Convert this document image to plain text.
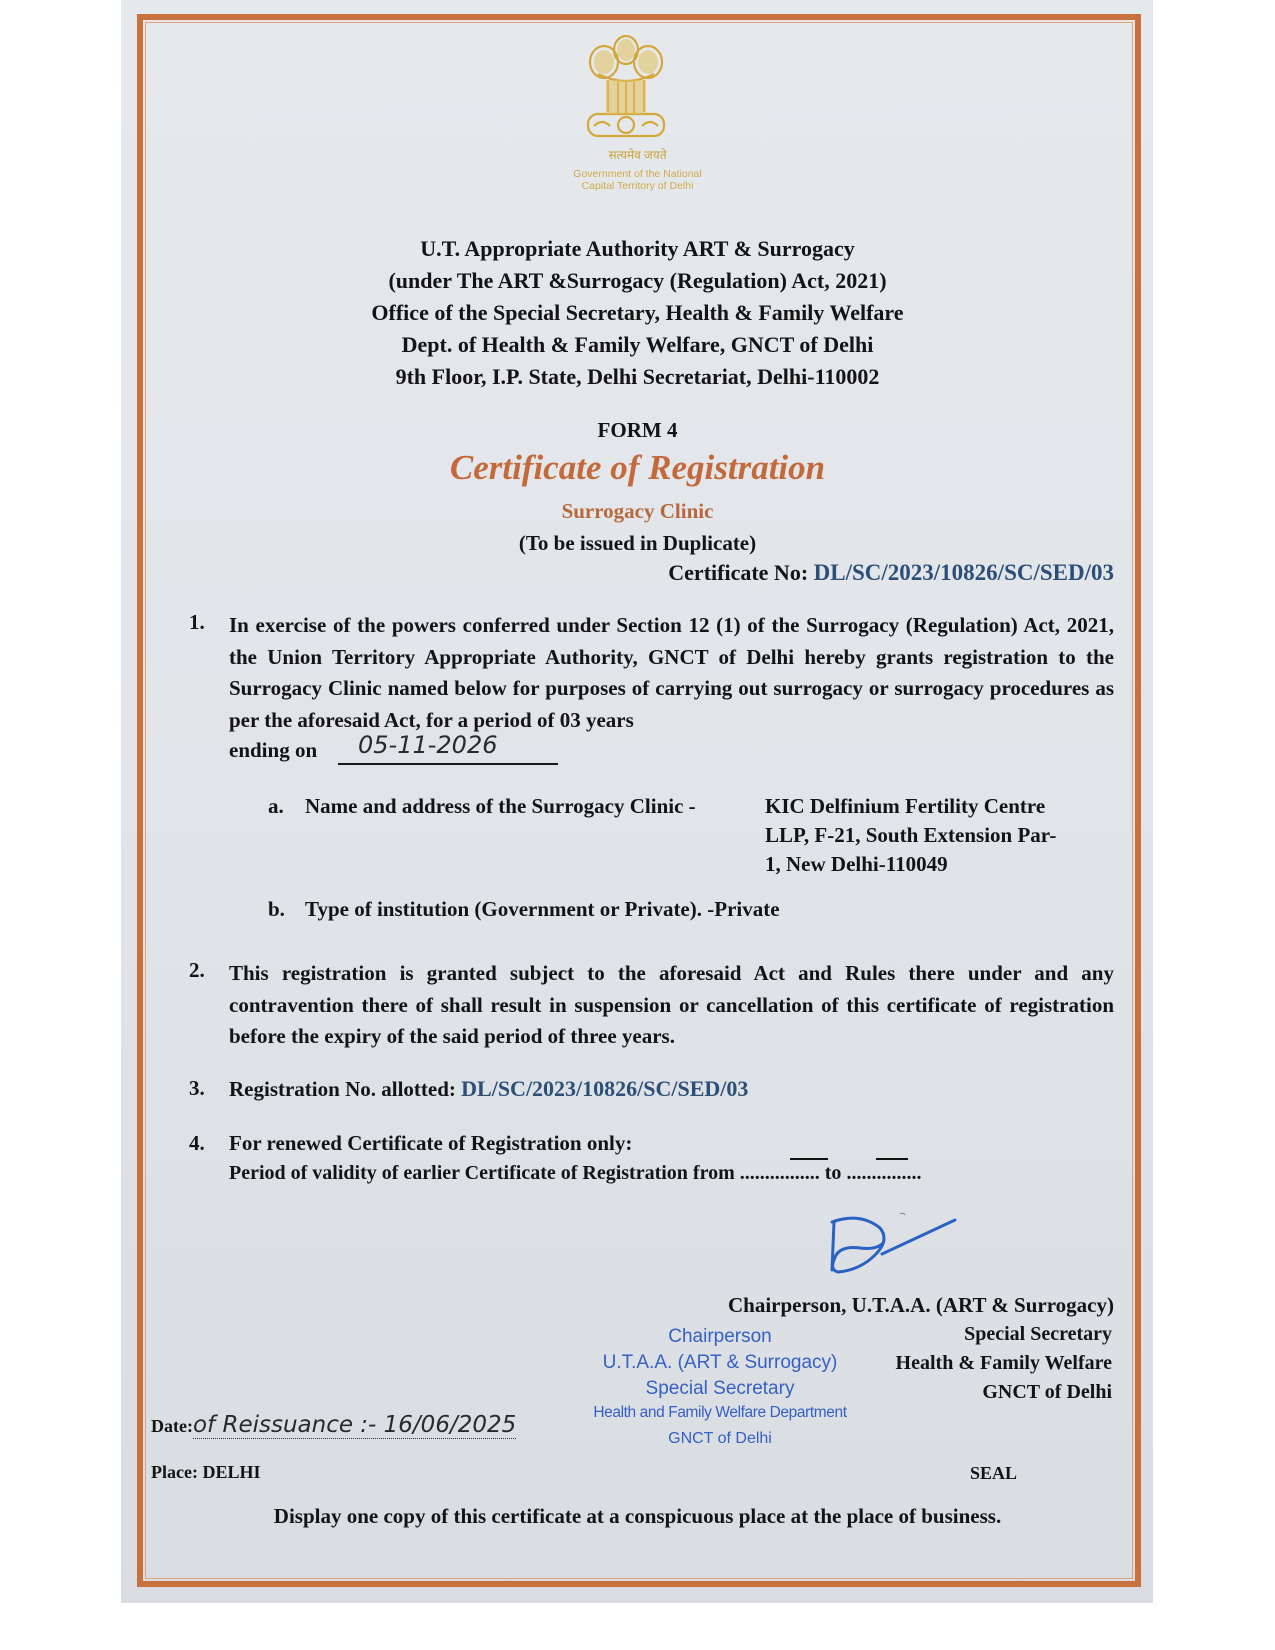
सत्यमेव जयते
Government of the National
Capital Territory of Delhi
U.T. Appropriate Authority ART & Surrogacy
(under The ART &Surrogacy (Regulation) Act, 2021)
Office of the Special Secretary, Health & Family Welfare
Dept. of Health & Family Welfare, GNCT of Delhi
9th Floor, I.P. State, Delhi Secretariat, Delhi-110002
FORM 4
Certificate of Registration
Surrogacy Clinic
(To be issued in Duplicate)
Certificate No: DL/SC/2023/10826/SC/SED/03
1. In exercise of the powers conferred under Section 12 (1) of the Surrogacy (Regulation) Act, 2021, the Union Territory Appropriate Authority, GNCT of Delhi hereby grants registration to the Surrogacy Clinic named below for purposes of carrying out surrogacy or surrogacy procedures as per the aforesaid Act, for a period of 03 years
ending on 05-11-2026
a. Name and address of the Surrogacy Clinic -	KIC Delfinium Fertility Centre
LLP, F-21, South Extension Par-
1, New Delhi-110049
b. Type of institution (Government or Private). -Private
2. This registration is granted subject to the aforesaid Act and Rules there under and any contravention there of shall result in suspension or cancellation of this certificate of registration before the expiry of the said period of three years.
3. Registration No. allotted: DL/SC/2023/10826/SC/SED/03
4. For renewed Certificate of Registration only:
Period of validity of earlier Certificate of Registration from ................ to ...............
Chairperson, U.T.A.A. (ART & Surrogacy)
Special Secretary
Health & Family Welfare
GNCT of Delhi
Chairperson
U.T.A.A. (ART & Surrogacy)
Special Secretary
Health and Family Welfare Department
GNCT of Delhi
Date:of Reissuance :- 16/06/2025
Place: DELHI	SEAL
Display one copy of this certificate at a conspicuous place at the place of business.
